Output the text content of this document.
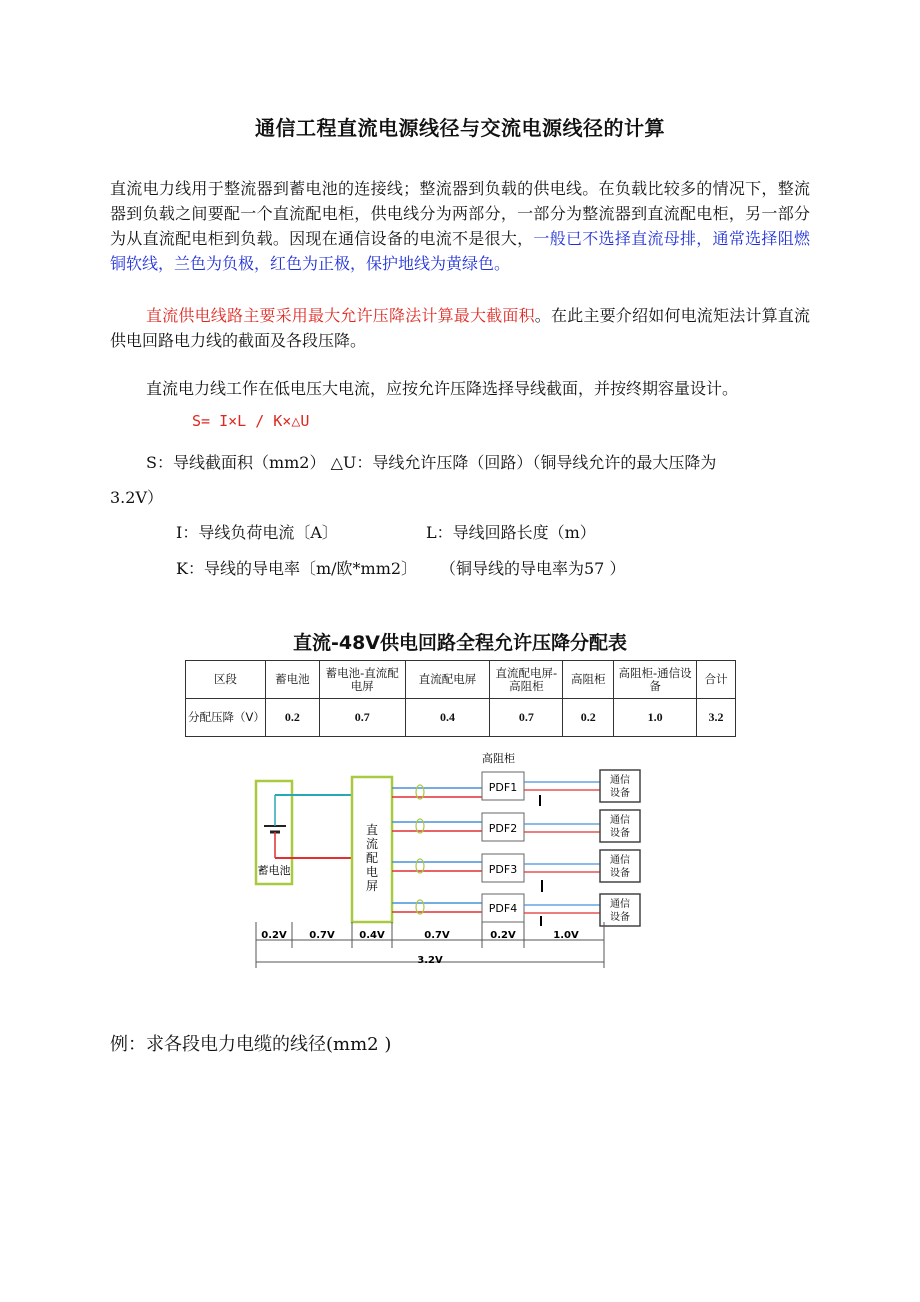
通信工程直流电源线径与交流电源线径的计算
直流电力线用于整流器到蓄电池的连接线；整流器到负载的供电线。在负载比较多的情况下，整流器到负载之间要配一个直流配电柜，供电线分为两部分，一部分为整流器到直流配电柜，另一部分为从直流配电柜到负载。因现在通信设备的电流不是很大，一般已不选择直流母排，通常选择阻燃铜软线，兰色为负极，红色为正极，保护地线为黄绿色。
直流供电线路主要采用最大允许压降法计算最大截面积。在此主要介绍如何电流矩法计算直流供电回路电力线的截面及各段压降。
直流电力线工作在低电压大电流，应按允许压降选择导线截面，并按终期容量设计。
S= I×L / K×△U
S：导线截面积（mm2） △U：导线允许压降（回路）（铜导线允许的最大压降为
3.2V）
I：导线负荷电流〔A〕	L：导线回路长度（m）
K：导线的导电率〔m/欧*mm2〕 （铜导线的导电率为57 ）
直流-48V供电回路全程允许压降分配表
区段	蓄电池	蓄电池-直流配电屏	直流配电屏	直流配电屏-高阻柜	高阻柜	高阻柜-通信设备	合计
分配压降（V）	0.2	0.7	0.4	0.7	0.2	1.0	3.2
蓄电池
直
流
配
电
屏
高阻柜
PDF1
通信
设备
PDF2
通信
设备
PDF3
通信
设备
PDF4	通信
设备
0.2V 0.7V 0.4V	0.7V	0.2V	1.0V
3.2V
例：求各段电力电缆的线径(mm2 )
